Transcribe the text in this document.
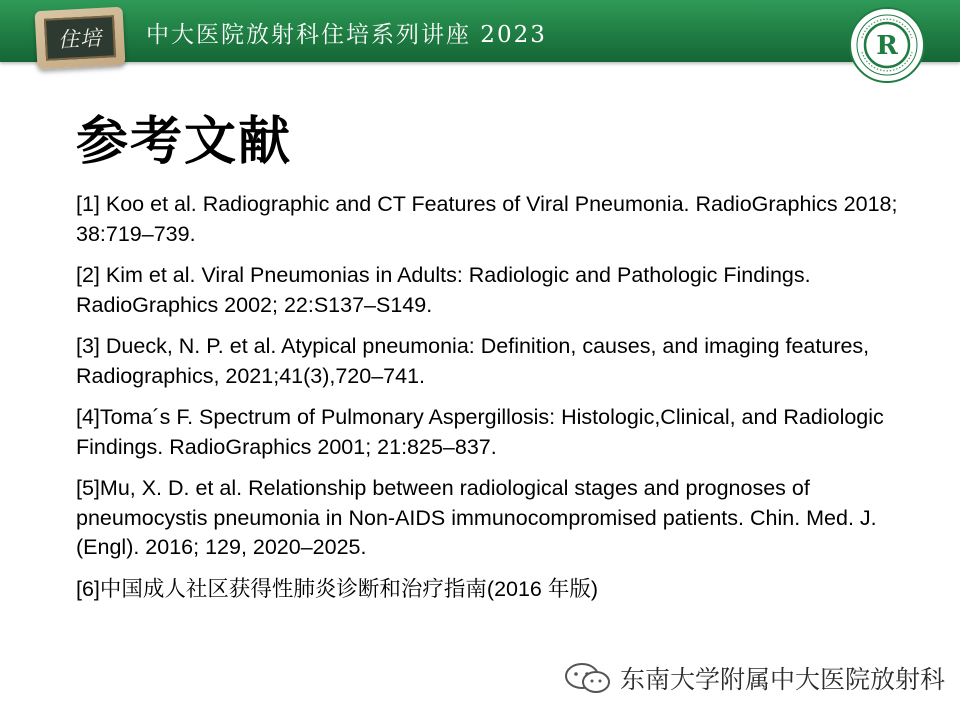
住培 中大医院放射科住培系列讲座 2023	R
参考文献
[1] Koo et al. Radiographic and CT Features of Viral Pneumonia. RadioGraphics 2018; 38:719–739.
[2] Kim et al. Viral Pneumonias in Adults: Radiologic and Pathologic Findings. RadioGraphics 2002; 22:S137–S149.
[3] Dueck, N. P. et al. Atypical pneumonia: Definition, causes, and imaging features, Radiographics, 2021;41(3),720–741.
[4]Toma´s F. Spectrum of Pulmonary Aspergillosis: Histologic,Clinical, and Radiologic Findings. RadioGraphics 2001; 21:825–837.
[5]Mu, X. D. et al. Relationship between radiological stages and prognoses of pneumocystis pneumonia in Non-AIDS immunocompromised patients. Chin. Med. J. (Engl). 2016; 129, 2020–2025.
[6]中国成人社区获得性肺炎诊断和治疗指南(2016 年版)
东南大学附属中大医院放射科
